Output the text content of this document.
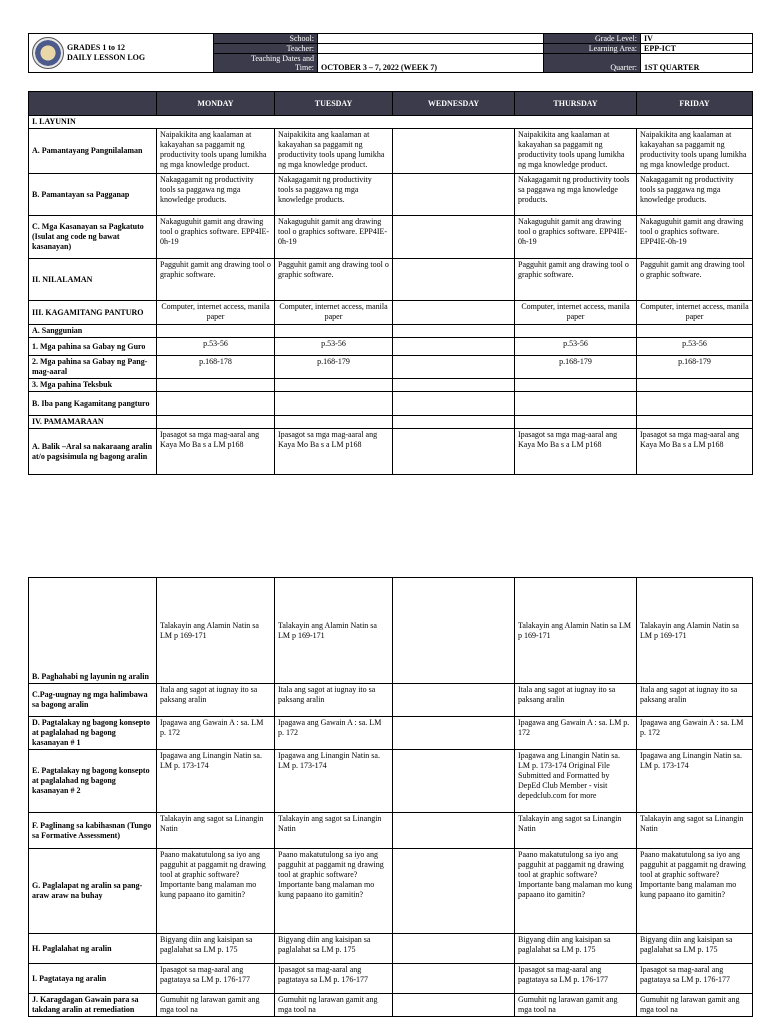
GRADES 1 to 12
DAILY LESSON LOG	School:		Grade Level:	IV
	Teacher:		Learning Area:	EPP-ICT

	Teaching Dates and
Time:	OCTOBER 3 – 7, 2022 (WEEK 7)	Quarter:	1ST QUARTER
	MONDAY	TUESDAY	WEDNESDAY	THURSDAY	FRIDAY
I. LAYUNIN					
A. Pamantayang Pangnilalaman	Naipakikita ang kaalaman at kakayahan sa paggamit ng productivity tools upang lumikha ng mga knowledge product.	Naipakikita ang kaalaman at kakayahan sa paggamit ng productivity tools upang lumikha ng mga knowledge product.		Naipakikita ang kaalaman at kakayahan sa paggamit ng productivity tools upang lumikha ng mga knowledge product.	Naipakikita ang kaalaman at kakayahan sa paggamit ng productivity tools upang lumikha ng mga knowledge product.
B. Pamantayan sa Pagganap	Nakagagamit ng productivity tools sa paggawa ng mga knowledge products.	Nakagagamit ng productivity tools sa paggawa ng mga knowledge products.		Nakagagamit ng productivity tools sa paggawa ng mga knowledge products.	Nakagagamit ng productivity tools sa paggawa ng mga knowledge products.
C. Mga Kasanayan sa Pagkatuto (Isulat ang code ng bawat kasanayan)	Nakaguguhit gamit ang drawing tool o graphics software. EPP4IE-0h-19	Nakaguguhit gamit ang drawing tool o graphics software. EPP4IE-0h-19		Nakaguguhit gamit ang drawing tool o graphics software. EPP4IE-0h-19	Nakaguguhit gamit ang drawing tool o graphics software. EPP4IE-0h-19
II. NILALAMAN	Pagguhit gamit ang drawing tool o graphic software.	Pagguhit gamit ang drawing tool o graphic software.		Pagguhit gamit ang drawing tool o graphic software.	Pagguhit gamit ang drawing tool o graphic software.
III. KAGAMITANG PANTURO	Computer, internet access, manila paper	Computer, internet access, manila paper		Computer, internet access, manila paper	Computer, internet access, manila paper
A. Sanggunian					
1. Mga pahina sa Gabay ng Guro	p.53-56	p.53-56		p.53-56	p.53-56
2. Mga pahina sa Gabay ng Pang-mag-aaral	p.168-178	p.168-179		p.168-179	p.168-179
3. Mga pahina Teksbuk					
B. Iba pang Kagamitang pangturo					
IV. PAMAMARAAN					
A. Balik –Aral sa nakaraang aralin at/o pagsisimula ng bagong aralin	Ipasagot sa mga mag-aaral ang Kaya Mo Ba s a LM p168	Ipasagot sa mga mag-aaral ang Kaya Mo Ba s a LM p168		Ipasagot sa mga mag-aaral ang Kaya Mo Ba s a LM p168	Ipasagot sa mga mag-aaral ang Kaya Mo Ba s a LM p168
B. Paghahabi ng layunin ng aralin	Talakayin ang Alamin Natin sa LM p 169-171	Talakayin ang Alamin Natin sa LM p 169-171		Talakayin ang Alamin Natin sa LM p 169-171	Talakayin ang Alamin Natin sa LM p 169-171
C.Pag-uugnay ng mga halimbawa sa bagong aralin	Itala ang sagot at iugnay ito sa paksang aralin	Itala ang sagot at iugnay ito sa paksang aralin		Itala ang sagot at iugnay ito sa paksang aralin	Itala ang sagot at iugnay ito sa paksang aralin
D. Pagtalakay ng bagong konsepto at paglalahad ng bagong kasanayan # 1	Ipagawa ang Gawain A : sa. LM p. 172	Ipagawa ang Gawain A : sa. LM p. 172		Ipagawa ang Gawain A : sa. LM p. 172	Ipagawa ang Gawain A : sa. LM p. 172
E. Pagtalakay ng bagong konsepto at paglalahad ng bagong kasanayan # 2	Ipagawa ang Linangin Natin sa. LM p. 173-174	Ipagawa ang Linangin Natin sa. LM p. 173-174		Ipagawa ang Linangin Natin sa. LM p. 173-174 Original File Submitted and Formatted by DepEd Club Member - visit depedclub.com for more	Ipagawa ang Linangin Natin sa. LM p. 173-174
F. Paglinang sa kabihasnan (Tungo sa Formative Assessment)	Talakayin ang sagot sa Linangin Natin	Talakayin ang sagot sa Linangin Natin		Talakayin ang sagot sa Linangin Natin	Talakayin ang sagot sa Linangin Natin
G. Paglalapat ng aralin sa pang-araw araw na buhay	Paano makatutulong sa iyo ang pagguhit at paggamit ng drawing tool at graphic software? Importante bang malaman mo kung papaano ito gamitin?	Paano makatutulong sa iyo ang pagguhit at paggamit ng drawing tool at graphic software? Importante bang malaman mo kung papaano ito gamitin?		Paano makatutulong sa iyo ang pagguhit at paggamit ng drawing tool at graphic software? Importante bang malaman mo kung papaano ito gamitin?	Paano makatutulong sa iyo ang pagguhit at paggamit ng drawing tool at graphic software? Importante bang malaman mo kung papaano ito gamitin?
H. Paglalahat ng aralin	Bigyang diin ang kaisipan sa paglalahat sa LM p. 175	Bigyang diin ang kaisipan sa paglalahat sa LM p. 175		Bigyang diin ang kaisipan sa paglalahat sa LM p. 175	Bigyang diin ang kaisipan sa paglalahat sa LM p. 175
I. Pagtataya ng aralin	Ipasagot sa mag-aaral ang pagtataya sa LM p. 176-177	Ipasagot sa mag-aaral ang pagtataya sa LM p. 176-177		Ipasagot sa mag-aaral ang pagtataya sa LM p. 176-177	Ipasagot sa mag-aaral ang pagtataya sa LM p. 176-177
J. Karagdagan Gawain para sa takdang aralin at remediation	Gumuhit ng larawan gamit ang mga tool na	Gumuhit ng larawan gamit ang mga tool na		Gumuhit ng larawan gamit ang mga tool na	Gumuhit ng larawan gamit ang mga tool na
